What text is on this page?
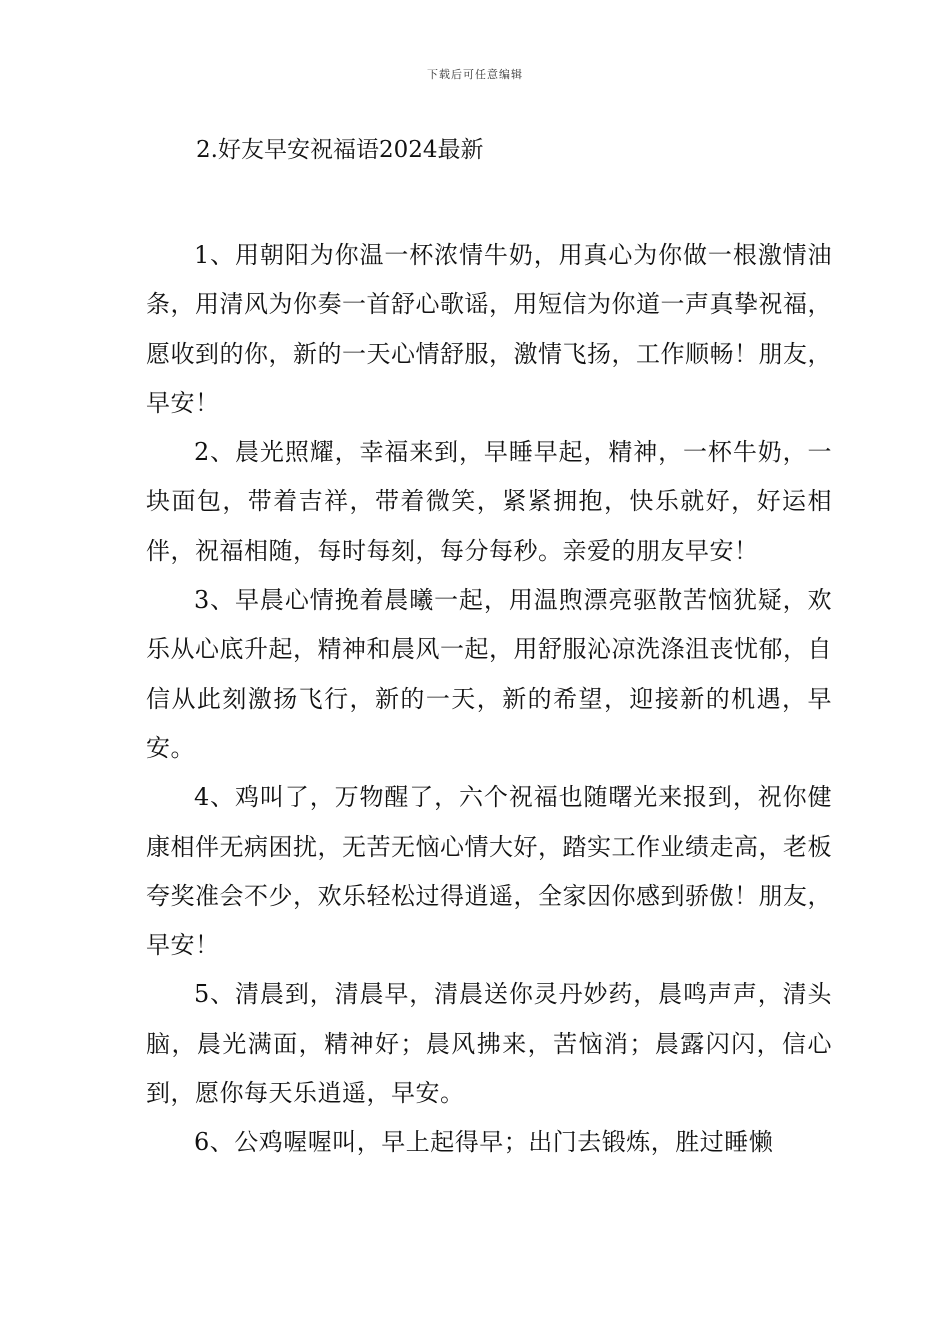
下载后可任意编辑
2.好友早安祝福语2024最新

1、用朝阳为你温一杯浓情牛奶，用真心为你做一根激情油条，用清风为你奏一首舒心歌谣，用短信为你道一声真挚祝福，愿收到的你，新的一天心情舒服，激情飞扬，工作顺畅！朋友，早安！

2、晨光照耀，幸福来到，早睡早起，精神，一杯牛奶，一块面包，带着吉祥，带着微笑，紧紧拥抱，快乐就好，好运相伴，祝福相随，每时每刻，每分每秒。亲爱的朋友早安！

3、早晨心情挽着晨曦一起，用温煦漂亮驱散苦恼犹疑，欢乐从心底升起，精神和晨风一起，用舒服沁凉洗涤沮丧忧郁，自信从此刻激扬飞行，新的一天，新的希望，迎接新的机遇，早安。

4、鸡叫了，万物醒了，六个祝福也随曙光来报到，祝你健康相伴无病困扰，无苦无恼心情大好，踏实工作业绩走高，老板夸奖准会不少，欢乐轻松过得逍遥，全家因你感到骄傲！朋友，早安！

5、清晨到，清晨早，清晨送你灵丹妙药，晨鸣声声，清头脑，晨光满面，精神好；晨风拂来，苦恼消；晨露闪闪，信心到，愿你每天乐逍遥，早安。

6、公鸡喔喔叫，早上起得早；出门去锻炼，胜过睡懒
